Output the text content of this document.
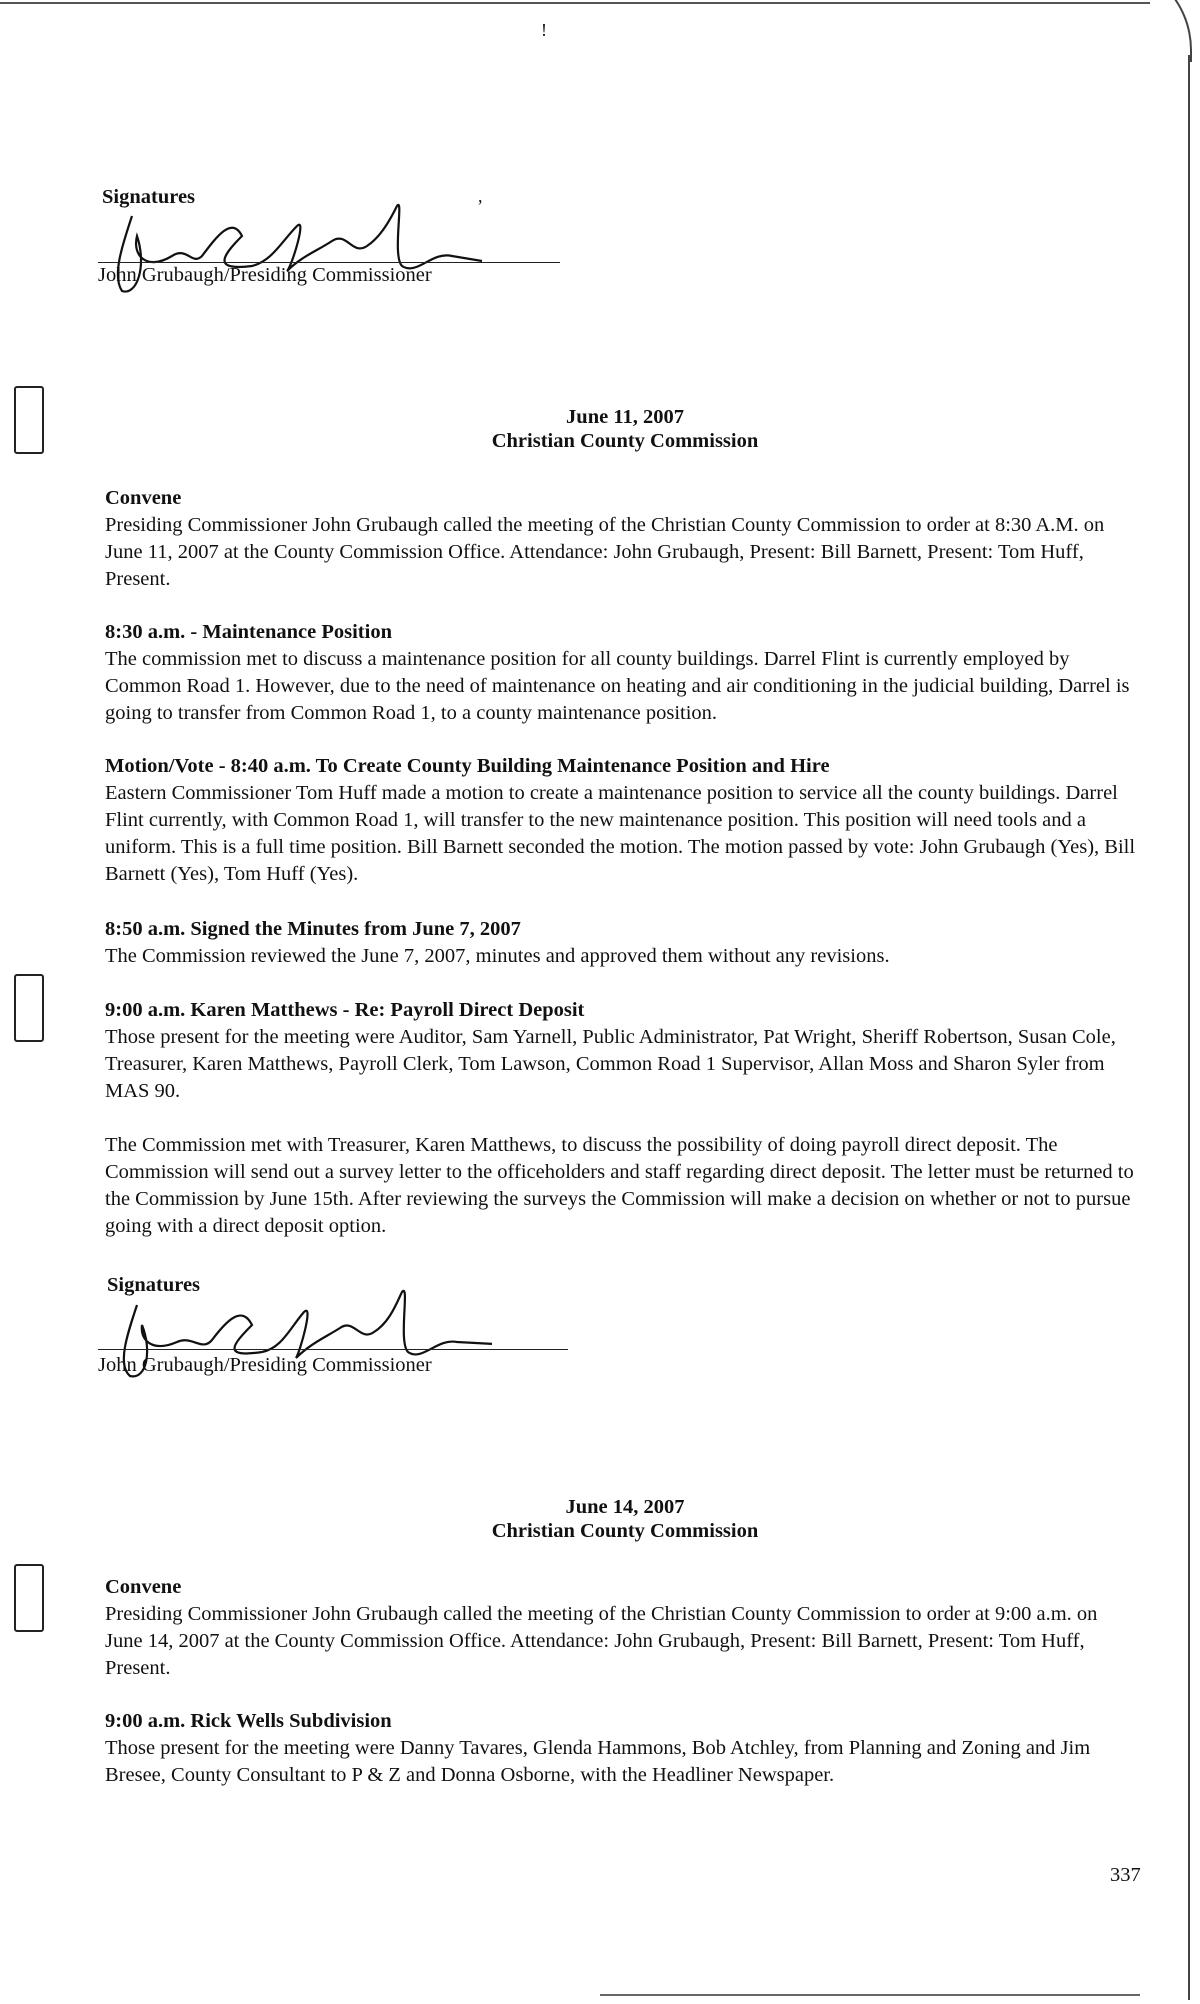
!
Signatures
John Grubaugh/Presiding Commissioner
,
June 11, 2007
Christian County Commission
Convene
Presiding Commissioner John Grubaugh called the meeting of the Christian County Commission to order at 8:30 A.M. on June 11, 2007 at the County Commission Office. Attendance: John Grubaugh, Present: Bill Barnett, Present: Tom Huff, Present.
8:30 a.m. - Maintenance Position
The commission met to discuss a maintenance position for all county buildings. Darrel Flint is currently employed by Common Road 1. However, due to the need of maintenance on heating and air conditioning in the judicial building, Darrel is going to transfer from Common Road 1, to a county maintenance position.
Motion/Vote - 8:40 a.m. To Create County Building Maintenance Position and Hire
Eastern Commissioner Tom Huff made a motion to create a maintenance position to service all the county buildings. Darrel Flint currently, with Common Road 1, will transfer to the new maintenance position. This position will need tools and a uniform. This is a full time position. Bill Barnett seconded the motion. The motion passed by vote: John Grubaugh (Yes), Bill Barnett (Yes), Tom Huff (Yes).
8:50 a.m. Signed the Minutes from June 7, 2007
The Commission reviewed the June 7, 2007, minutes and approved them without any revisions.
9:00 a.m. Karen Matthews - Re: Payroll Direct Deposit
Those present for the meeting were Auditor, Sam Yarnell, Public Administrator, Pat Wright, Sheriff Robertson, Susan Cole, Treasurer, Karen Matthews, Payroll Clerk, Tom Lawson, Common Road 1 Supervisor, Allan Moss and Sharon Syler from MAS 90.
The Commission met with Treasurer, Karen Matthews, to discuss the possibility of doing payroll direct deposit. The Commission will send out a survey letter to the officeholders and staff regarding direct deposit. The letter must be returned to the Commission by June 15th. After reviewing the surveys the Commission will make a decision on whether or not to pursue going with a direct deposit option.
Signatures
John Grubaugh/Presiding Commissioner
June 14, 2007
Christian County Commission
Convene
Presiding Commissioner John Grubaugh called the meeting of the Christian County Commission to order at 9:00 a.m. on June 14, 2007 at the County Commission Office. Attendance: John Grubaugh, Present: Bill Barnett, Present: Tom Huff, Present.
9:00 a.m. Rick Wells Subdivision
Those present for the meeting were Danny Tavares, Glenda Hammons, Bob Atchley, from Planning and Zoning and Jim Bresee, County Consultant to P & Z and Donna Osborne, with the Headliner Newspaper.
337
